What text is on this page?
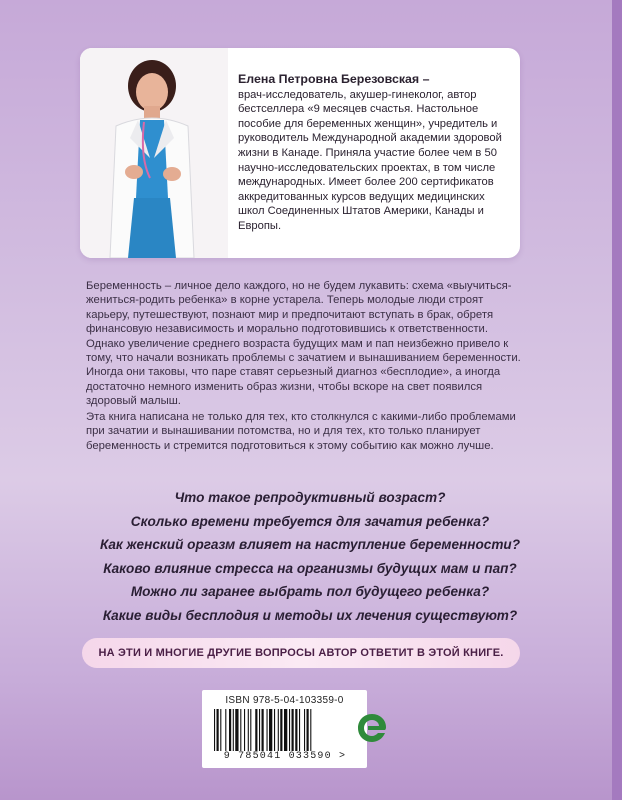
Елена Петровна Березовская –
врач-исследователь, акушер-гинеколог, автор бестселлера «9 месяцев счастья. Настольное пособие для беременных женщин», учредитель и руководитель Международной академии здоровой жизни в Канаде. Приняла участие более чем в 50 научно-исследовательских проектах, в том числе международных. Имеет более 200 сертификатов аккредитованных курсов ведущих медицинских школ Соединенных Штатов Америки, Канады и Европы.
Беременность – личное дело каждого, но не будем лукавить: схема «выучиться-жениться-родить ребенка» в корне устарела. Теперь молодые люди строят карьеру, путешествуют, познают мир и предпочитают вступать в брак, обретя финансовую независимость и морально подготовившись к ответственности. Однако увеличение среднего возраста будущих мам и пап неизбежно привело к тому, что начали возникать проблемы с зачатием и вынашиванием беременности. Иногда они таковы, что паре ставят серьезный диагноз «бесплодие», а иногда достаточно немного изменить образ жизни, чтобы вскоре на свет появился здоровый малыш.
Эта книга написана не только для тех, кто столкнулся с какими-либо проблемами при зачатии и вынашивании потомства, но и для тех, кто только планирует беременность и стремится подготовиться к этому событию как можно лучше.
Что такое репродуктивный возраст?
Сколько времени требуется для зачатия ребенка?
Как женский оргазм влияет на наступление беременности?
Каково влияние стресса на организмы будущих мам и пап?
Можно ли заранее выбрать пол будущего ребенка?
Какие виды бесплодия и методы их лечения существуют?
НА ЭТИ И МНОГИЕ ДРУГИЕ ВОПРОСЫ АВТОР ОТВЕТИТ В ЭТОЙ КНИГЕ.
ISBN 978-5-04-103359-0
9 785041 033590 >
